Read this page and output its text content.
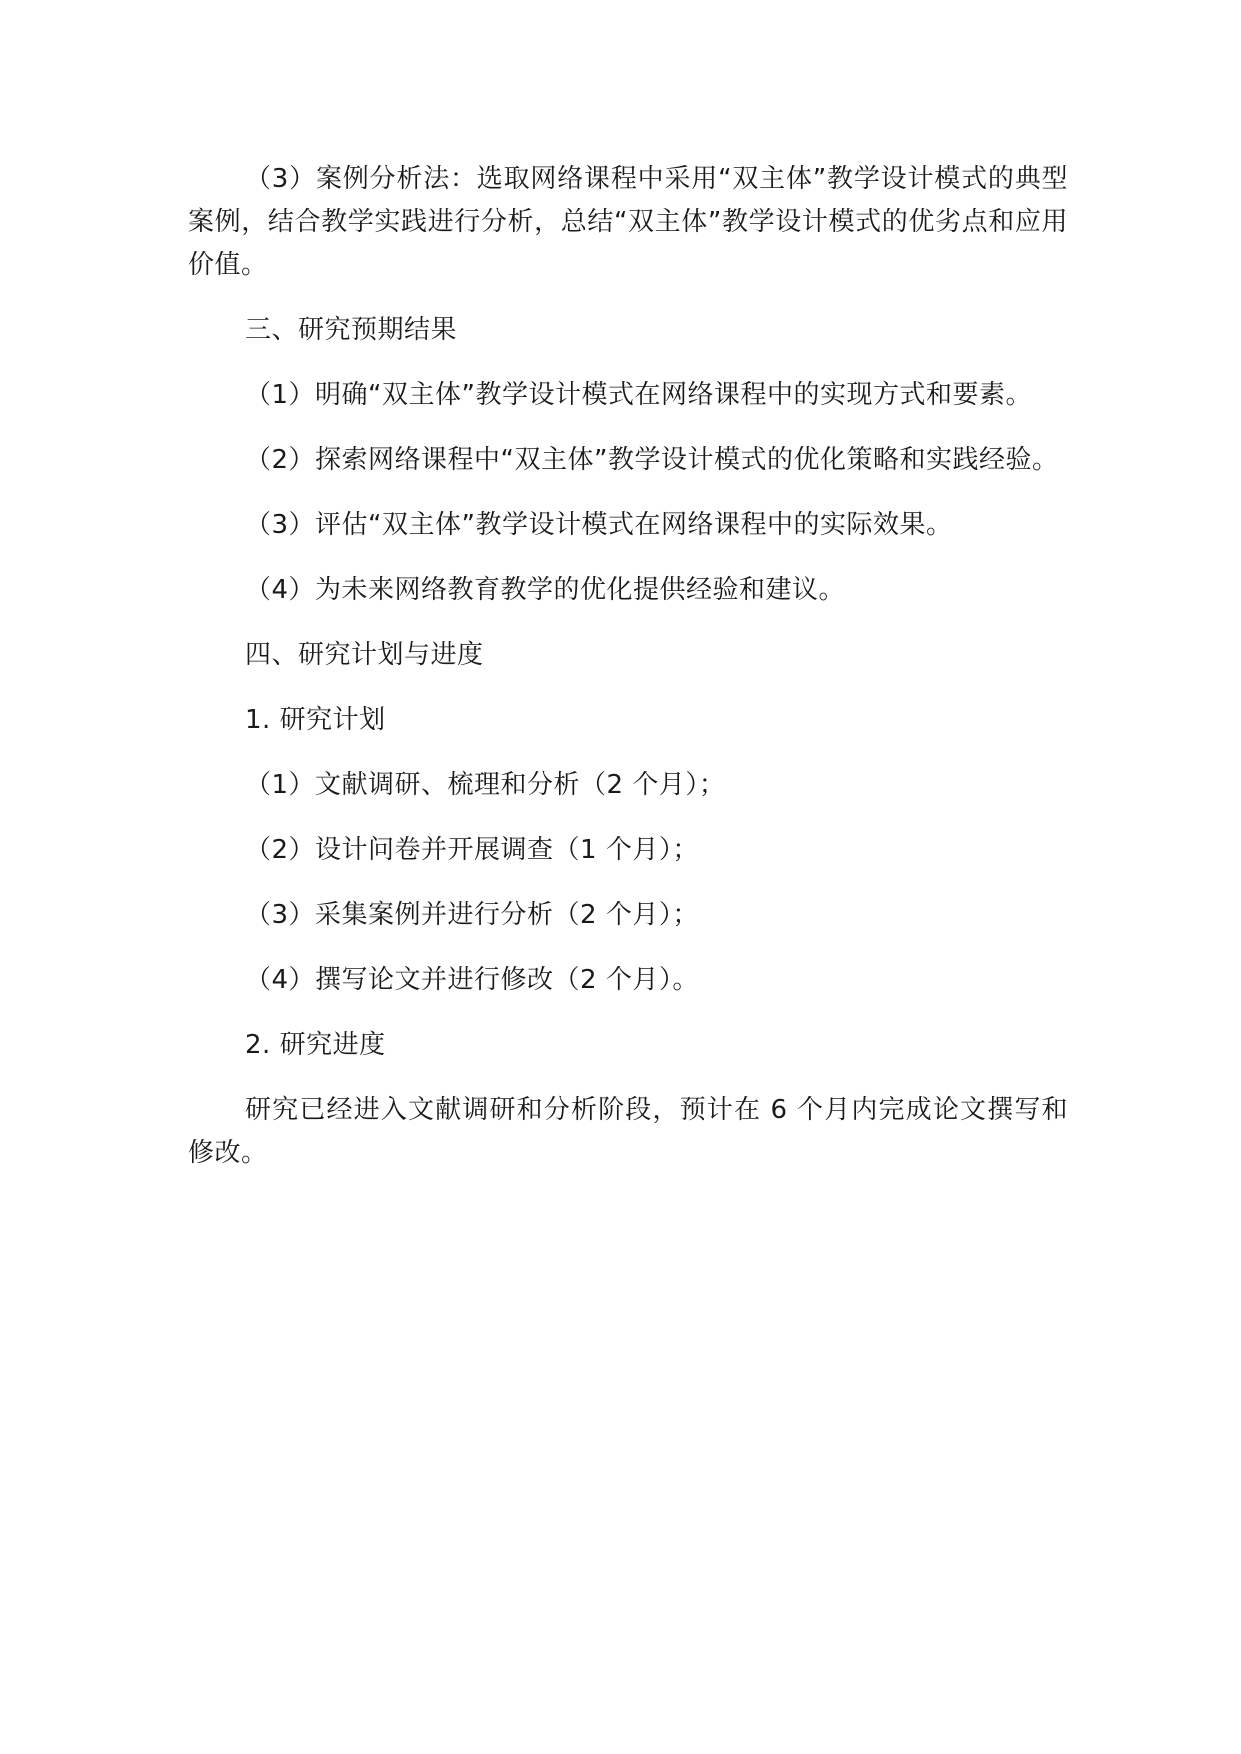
（3）案例分析法：选取网络课程中采用“双主体”教学设计模式的典型案例，结合教学实践进行分析，总结“双主体”教学设计模式的优劣点和应用价值。

三、研究预期结果

（1）明确“双主体”教学设计模式在网络课程中的实现方式和要素。

（2）探索网络课程中“双主体”教学设计模式的优化策略和实践经验。

（3）评估“双主体”教学设计模式在网络课程中的实际效果。

（4）为未来网络教育教学的优化提供经验和建议。

四、研究计划与进度

1. 研究计划

（1）文献调研、梳理和分析（2 个月）；

（2）设计问卷并开展调查（1 个月）；

（3）采集案例并进行分析（2 个月）；

（4）撰写论文并进行修改（2 个月）。

2. 研究进度

研究已经进入文献调研和分析阶段，预计在 6 个月内完成论文撰写和修改。
